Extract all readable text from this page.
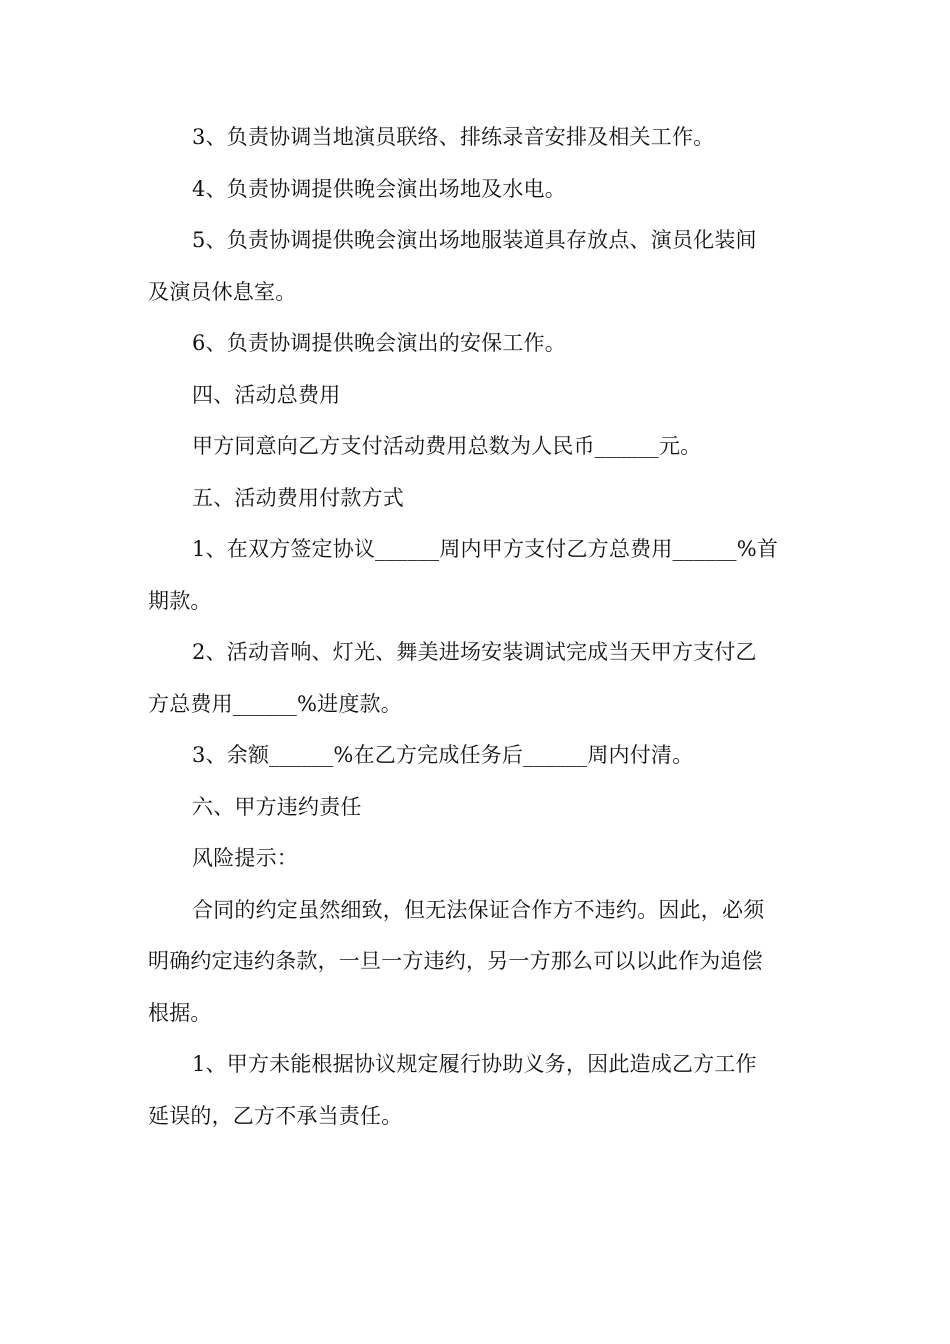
3、负责协调当地演员联络、排练录音安排及相关工作。
4、负责协调提供晚会演出场地及水电。
5、负责协调提供晚会演出场地服装道具存放点、演员化装间
及演员休息室。
6、负责协调提供晚会演出的安保工作。
四、活动总费用
甲方同意向乙方支付活动费用总数为人民币______元。
五、活动费用付款方式
1、在双方签定协议______周内甲方支付乙方总费用______%首
期款。
2、活动音响、灯光、舞美进场安装调试完成当天甲方支付乙
方总费用______%进度款。
3、余额______%在乙方完成任务后______周内付清。
六、甲方违约责任
风险提示：
合同的约定虽然细致，但无法保证合作方不违约。因此，必须
明确约定违约条款，一旦一方违约，另一方那么可以以此作为追偿
根据。
1、甲方未能根据协议规定履行协助义务，因此造成乙方工作
延误的，乙方不承当责任。
